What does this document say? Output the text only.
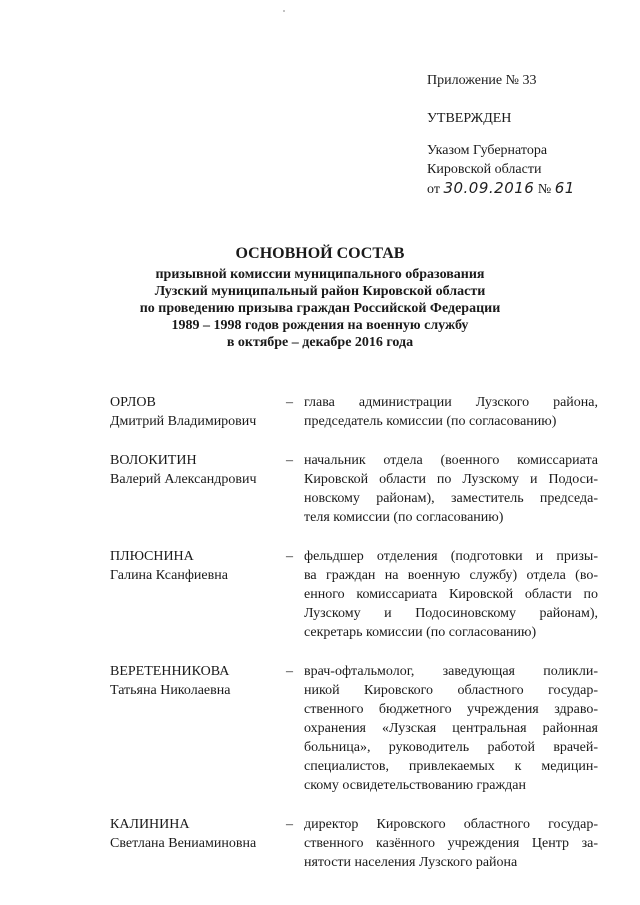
Приложение № 33
УТВЕРЖДЕН
Указом Губернатора
Кировской области
от 30.09.2016 № 61
ОСНОВНОЙ СОСТАВ
призывной комиссии муниципального образования
Лузский муниципальный район Кировской области
по проведению призыва граждан Российской Федерации
1989 – 1998 годов рождения на военную службу
в октябре – декабре 2016 года
ОРЛОВ
Дмитрий Владимирович
– глава администрации Лузского района,
председатель комиссии (по согласованию)
ВОЛОКИТИН
Валерий Александрович
– начальник отдела (военного комиссариата
Кировской области по Лузскому и Подоси-
новскому районам), заместитель председа-
теля комиссии (по согласованию)
ПЛЮСНИНА
Галина Ксанфиевна
– фельдшер отделения (подготовки и призы-
ва граждан на военную службу) отдела (во-
енного комиссариата Кировской области по
Лузскому и Подосиновскому районам),
секретарь комиссии (по согласованию)
ВЕРЕТЕННИКОВА
Татьяна Николаевна
– врач-офтальмолог, заведующая поликли-
никой Кировского областного государ-
ственного бюджетного учреждения здраво-
охранения «Лузская центральная районная
больница», руководитель работой врачей-
специалистов, привлекаемых к медицин-
скому освидетельствованию граждан
КАЛИНИНА
Светлана Вениаминовна
– директор Кировского областного государ-
ственного казённого учреждения Центр за-
нятости населения Лузского района
